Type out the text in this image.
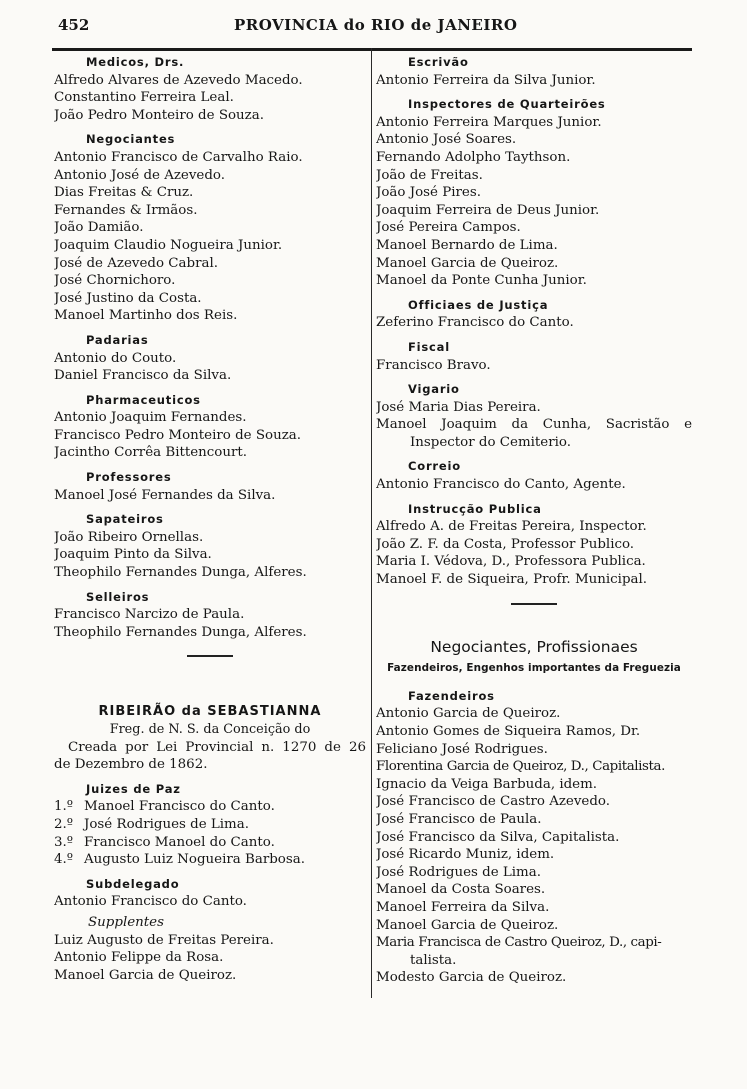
452	PROVINCIA do RIO de JANEIRO
Medicos, Drs.
Alfredo Alvares de Azevedo Macedo.
Constantino Ferreira Leal.
João Pedro Monteiro de Souza.
Negociantes
Antonio Francisco de Carvalho Raio.
Antonio José de Azevedo.
Dias Freitas & Cruz.
Fernandes & Irmãos.
João Damião.
Joaquim Claudio Nogueira Junior.
José de Azevedo Cabral.
José Chornichoro.
José Justino da Costa.
Manoel Martinho dos Reis.
Padarias
Antonio do Couto.
Daniel Francisco da Silva.
Pharmaceuticos
Antonio Joaquim Fernandes.
Francisco Pedro Monteiro de Souza.
Jacintho Corrêa Bittencourt.
Professores
Manoel José Fernandes da Silva.
Sapateiros
João Ribeiro Ornellas.
Joaquim Pinto da Silva.
Theophilo Fernandes Dunga, Alferes.
Selleiros
Francisco Narcizo de Paula.
Theophilo Fernandes Dunga, Alferes.
RIBEIRÃO da SEBASTIANNA
Freg. de N. S. da Conceição do
Creada por Lei Provincial n. 1270 de 26
de Dezembro de 1862.
Juizes de Paz
1.º Manoel Francisco do Canto.
2.º José Rodrigues de Lima.
3.º Francisco Manoel do Canto.
4.º Augusto Luiz Nogueira Barbosa.
Subdelegado
Antonio Francisco do Canto.
Supplentes
Luiz Augusto de Freitas Pereira.
Antonio Felippe da Rosa.
Manoel Garcia de Queiroz.
Escrivão
Antonio Ferreira da Silva Junior.
Inspectores de Quarteirões
Antonio Ferreira Marques Junior.
Antonio José Soares.
Fernando Adolpho Taythson.
João de Freitas.
João José Pires.
Joaquim Ferreira de Deus Junior.
José Pereira Campos.
Manoel Bernardo de Lima.
Manoel Garcia de Queiroz.
Manoel da Ponte Cunha Junior.
Officiaes de Justiça
Zeferino Francisco do Canto.
Fiscal
Francisco Bravo.
Vigario
José Maria Dias Pereira.
Manoel Joaquim da Cunha, Sacristão e
Inspector do Cemiterio.
Correio
Antonio Francisco do Canto, Agente.
Instrucção Publica
Alfredo A. de Freitas Pereira, Inspector.
João Z. F. da Costa, Professor Publico.
Maria I. Védova, D., Professora Publica.
Manoel F. de Siqueira, Profr. Municipal.
Negociantes, Profissionaes
Fazendeiros, Engenhos importantes da Freguezia
Fazendeiros
Antonio Garcia de Queiroz.
Antonio Gomes de Siqueira Ramos, Dr.
Feliciano José Rodrigues.
Florentina Garcia de Queiroz, D., Capitalista.
Ignacio da Veiga Barbuda, idem.
José Francisco de Castro Azevedo.
José Francisco de Paula.
José Francisco da Silva, Capitalista.
José Ricardo Muniz, idem.
José Rodrigues de Lima.
Manoel da Costa Soares.
Manoel Ferreira da Silva.
Manoel Garcia de Queiroz.
Maria Francisca de Castro Queiroz, D., capi-
talista.
Modesto Garcia de Queiroz.
